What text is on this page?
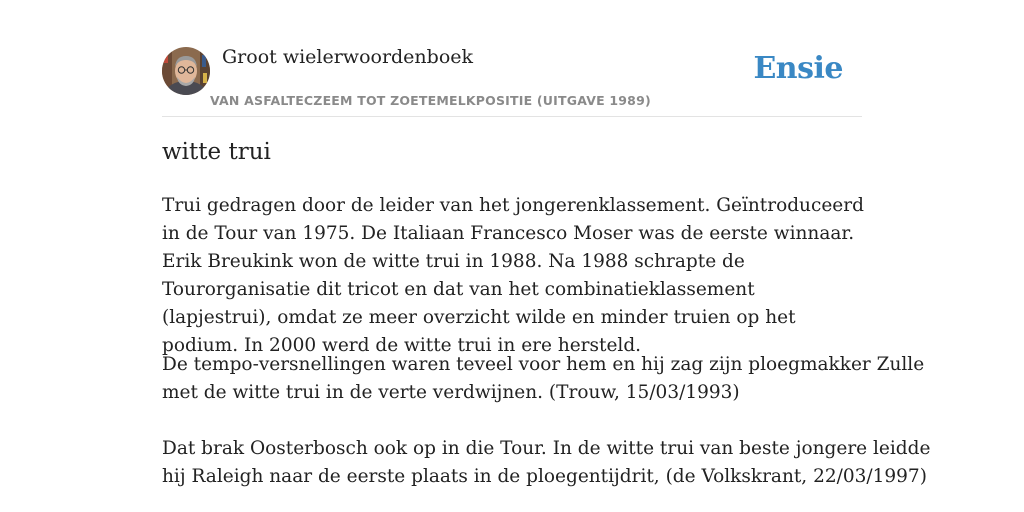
Groot wielerwoordenboek
VAN ASFALTECZEEM TOT ZOETEMELKPOSITIE (UITGAVE 1989)
Ensie
witte trui

Trui gedragen door de leider van het jongerenklassement. Geïntroduceerd in de Tour van 1975. De Italiaan Francesco Moser was de eerste winnaar. Erik Breukink won de witte trui in 1988. Na 1988 schrapte de Tourorganisatie dit tricot en dat van het combinatieklassement (lapjestrui), omdat ze meer overzicht wilde en minder truien op het podium. In 2000 werd de witte trui in ere hersteld.

De tempo-versnellingen waren teveel voor hem en hij zag zijn ploegmakker Zulle
met de witte trui in de verte verdwijnen. (Trouw, 15/03/1993)
Dat brak Oosterbosch ook op in die Tour. In de witte trui van beste jongere leidde
hij Raleigh naar de eerste plaats in de ploegentijdrit, (de Volkskrant, 22/03/1997)
